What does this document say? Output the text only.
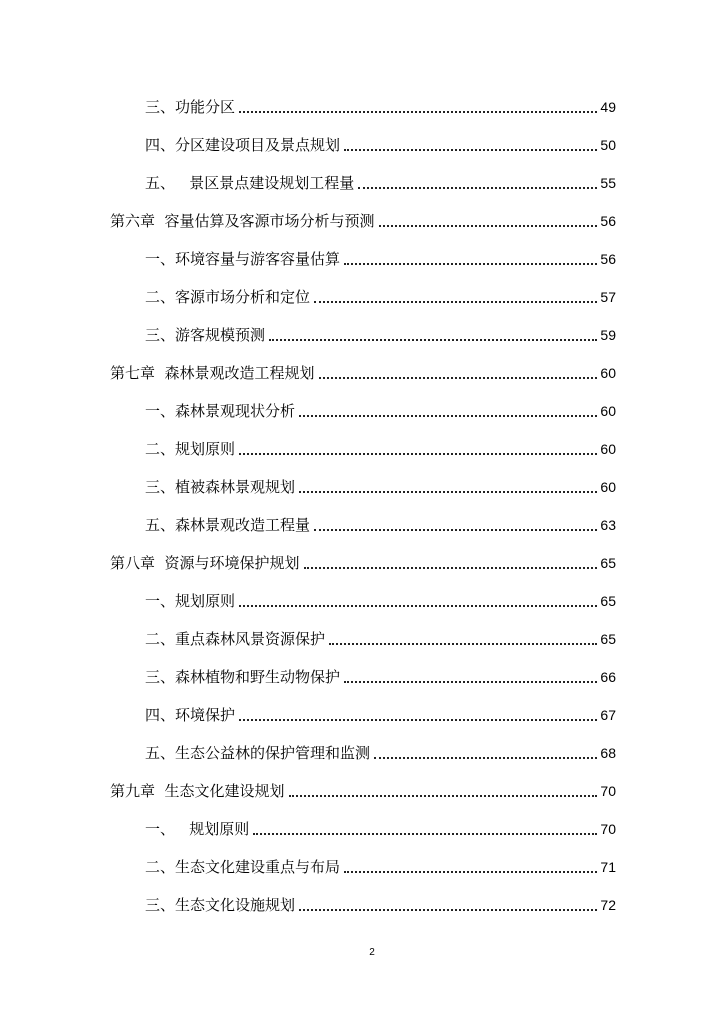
三、功能分区	49
四、分区建设项目及景点规划	50
五、   景区景点建设规划工程量	55
第六章  容量估算及客源市场分析与预测	56
一、环境容量与游客容量估算	56
二、客源市场分析和定位	57
三、游客规模预测	59
第七章  森林景观改造工程规划	60
一、森林景观现状分析	60
二、规划原则	60
三、植被森林景观规划	60
五、森林景观改造工程量	63
第八章  资源与环境保护规划	65
一、规划原则	65
二、重点森林风景资源保护	65
三、森林植物和野生动物保护	66
四、环境保护	67
五、生态公益林的保护管理和监测	68
第九章  生态文化建设规划	70
一、   规划原则	70
二、生态文化建设重点与布局	71
三、生态文化设施规划	72
2
